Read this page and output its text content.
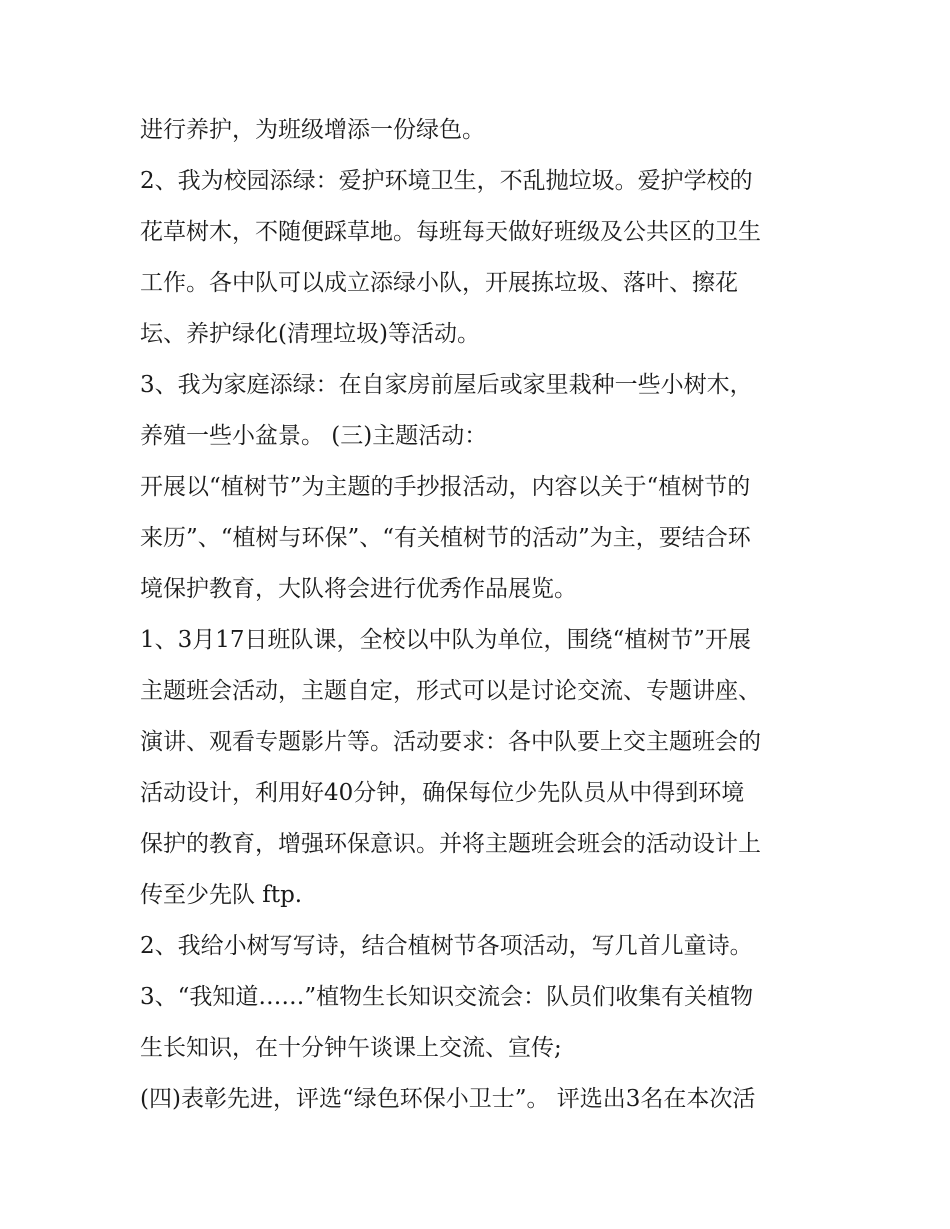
进行养护，为班级增添一份绿色。
2、我为校园添绿：爱护环境卫生，不乱抛垃圾。爱护学校的
花草树木，不随便踩草地。每班每天做好班级及公共区的卫生
工作。各中队可以成立添绿小队，开展拣垃圾、落叶、擦花
坛、养护绿化(清理垃圾)等活动。
3、我为家庭添绿：在自家房前屋后或家里栽种一些小树木，
养殖一些小盆景。 (三)主题活动：
开展以“植树节”为主题的手抄报活动，内容以关于“植树节的
来历”、“植树与环保”、“有关植树节的活动”为主，要结合环
境保护教育，大队将会进行优秀作品展览。
1、3月17日班队课，全校以中队为单位，围绕“植树节”开展
主题班会活动，主题自定，形式可以是讨论交流、专题讲座、
演讲、观看专题影片等。活动要求：各中队要上交主题班会的
活动设计，利用好40分钟，确保每位少先队员从中得到环境
保护的教育，增强环保意识。并将主题班会班会的活动设计上
传至少先队 ftp.
2、我给小树写写诗，结合植树节各项活动，写几首儿童诗。
3、“我知道……”植物生长知识交流会：队员们收集有关植物
生长知识，在十分钟午谈课上交流、宣传;
(四)表彰先进，评选“绿色环保小卫士”。 评选出3名在本次活
